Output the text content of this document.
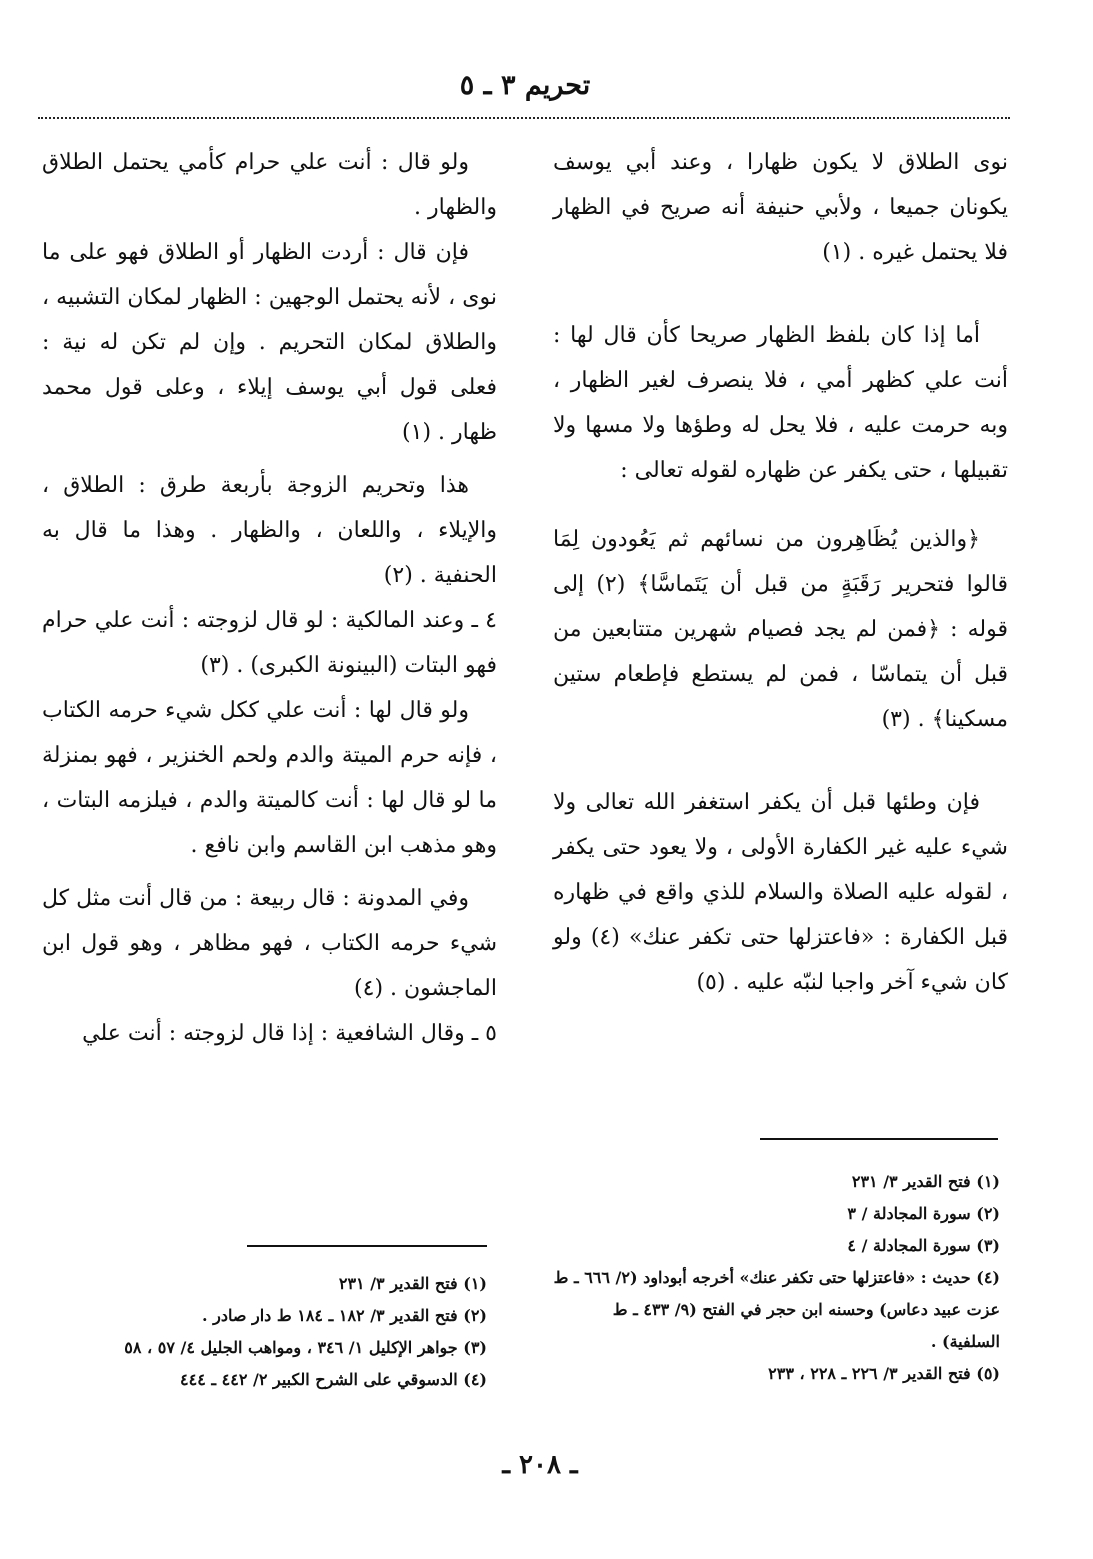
تحريم ٣ ـ ٥

نوى الطلاق لا يكون ظهارا ، وعند أبي يوسف يكونان جميعا ، ولأبي حنيفة أنه صريح في الظهار فلا يحتمل غيره . (١)

أما إذا كان بلفظ الظهار صريحا كأن قال لها : أنت علي كظهر أمي ، فلا ينصرف لغير الظهار ، وبه حرمت عليه ، فلا يحل له وطؤها ولا مسها ولا تقبيلها ، حتى يكفر عن ظهاره لقوله تعالى :

﴿والذين يُظَاهِرون من نسائهم ثم يَعُودون لِمَا قالوا فتحرير رَقَبَةٍ من قبل أن يَتَماسَّا﴾ (٢) إلى قوله : ﴿فمن لم يجد فصيام شهرين متتابعين من قبل أن يتماسّا ، فمن لم يستطع فإطعام ستين مسكينا﴾ . (٣)

فإن وطئها قبل أن يكفر استغفر الله تعالى ولا شيء عليه غير الكفارة الأولى ، ولا يعود حتى يكفر ، لقوله عليه الصلاة والسلام للذي واقع في ظهاره قبل الكفارة : «فاعتزلها حتى تكفر عنك» (٤) ولو كان شيء آخر واجبا لنبّه عليه . (٥)

ولو قال : أنت علي حرام كأمي يحتمل الطلاق والظهار .

فإن قال : أردت الظهار أو الطلاق فهو على ما نوى ، لأنه يحتمل الوجهين : الظهار لمكان التشبيه ، والطلاق لمكان التحريم . وإن لم تكن له نية : فعلى قول أبي يوسف إيلاء ، وعلى قول محمد ظهار . (١)

هذا وتحريم الزوجة بأربعة طرق : الطلاق ، والإيلاء ، واللعان ، والظهار . وهذا ما قال به الحنفية . (٢)

٤ ـ وعند المالكية : لو قال لزوجته : أنت علي حرام فهو البتات (البينونة الكبرى) . (٣)

ولو قال لها : أنت علي ككل شيء حرمه الكتاب ، فإنه حرم الميتة والدم ولحم الخنزير ، فهو بمنزلة ما لو قال لها : أنت كالميتة والدم ، فيلزمه البتات ، وهو مذهب ابن القاسم وابن نافع .

وفي المدونة : قال ربيعة : من قال أنت مثل كل شيء حرمه الكتاب ، فهو مظاهر ، وهو قول ابن الماجشون . (٤)

٥ ـ وقال الشافعية : إذا قال لزوجته : أنت علي

(١) فتح القدير ٣/ ٢٣١
(٢) سورة المجادلة / ٣
(٣) سورة المجادلة / ٤
(٤) حديث : «فاعتزلها حتى تكفر عنك» أخرجه أبوداود (٢/ ٦٦٦ ـ ط عزت عبيد دعاس) وحسنه ابن حجر في الفتح (٩/ ٤٣٣ ـ ط السلفية) .
(٥) فتح القدير ٣/ ٢٢٦ ـ ٢٢٨ ، ٢٣٣
(١) فتح القدير ٣/ ٢٣١
(٢) فتح القدير ٣/ ١٨٢ ـ ١٨٤ ط دار صادر .
(٣) جواهر الإكليل ١/ ٣٤٦ ، ومواهب الجليل ٤/ ٥٧ ، ٥٨
(٤) الدسوقي على الشرح الكبير ٢/ ٤٤٢ ـ ٤٤٤
ـ ٢٠٨ ـ
